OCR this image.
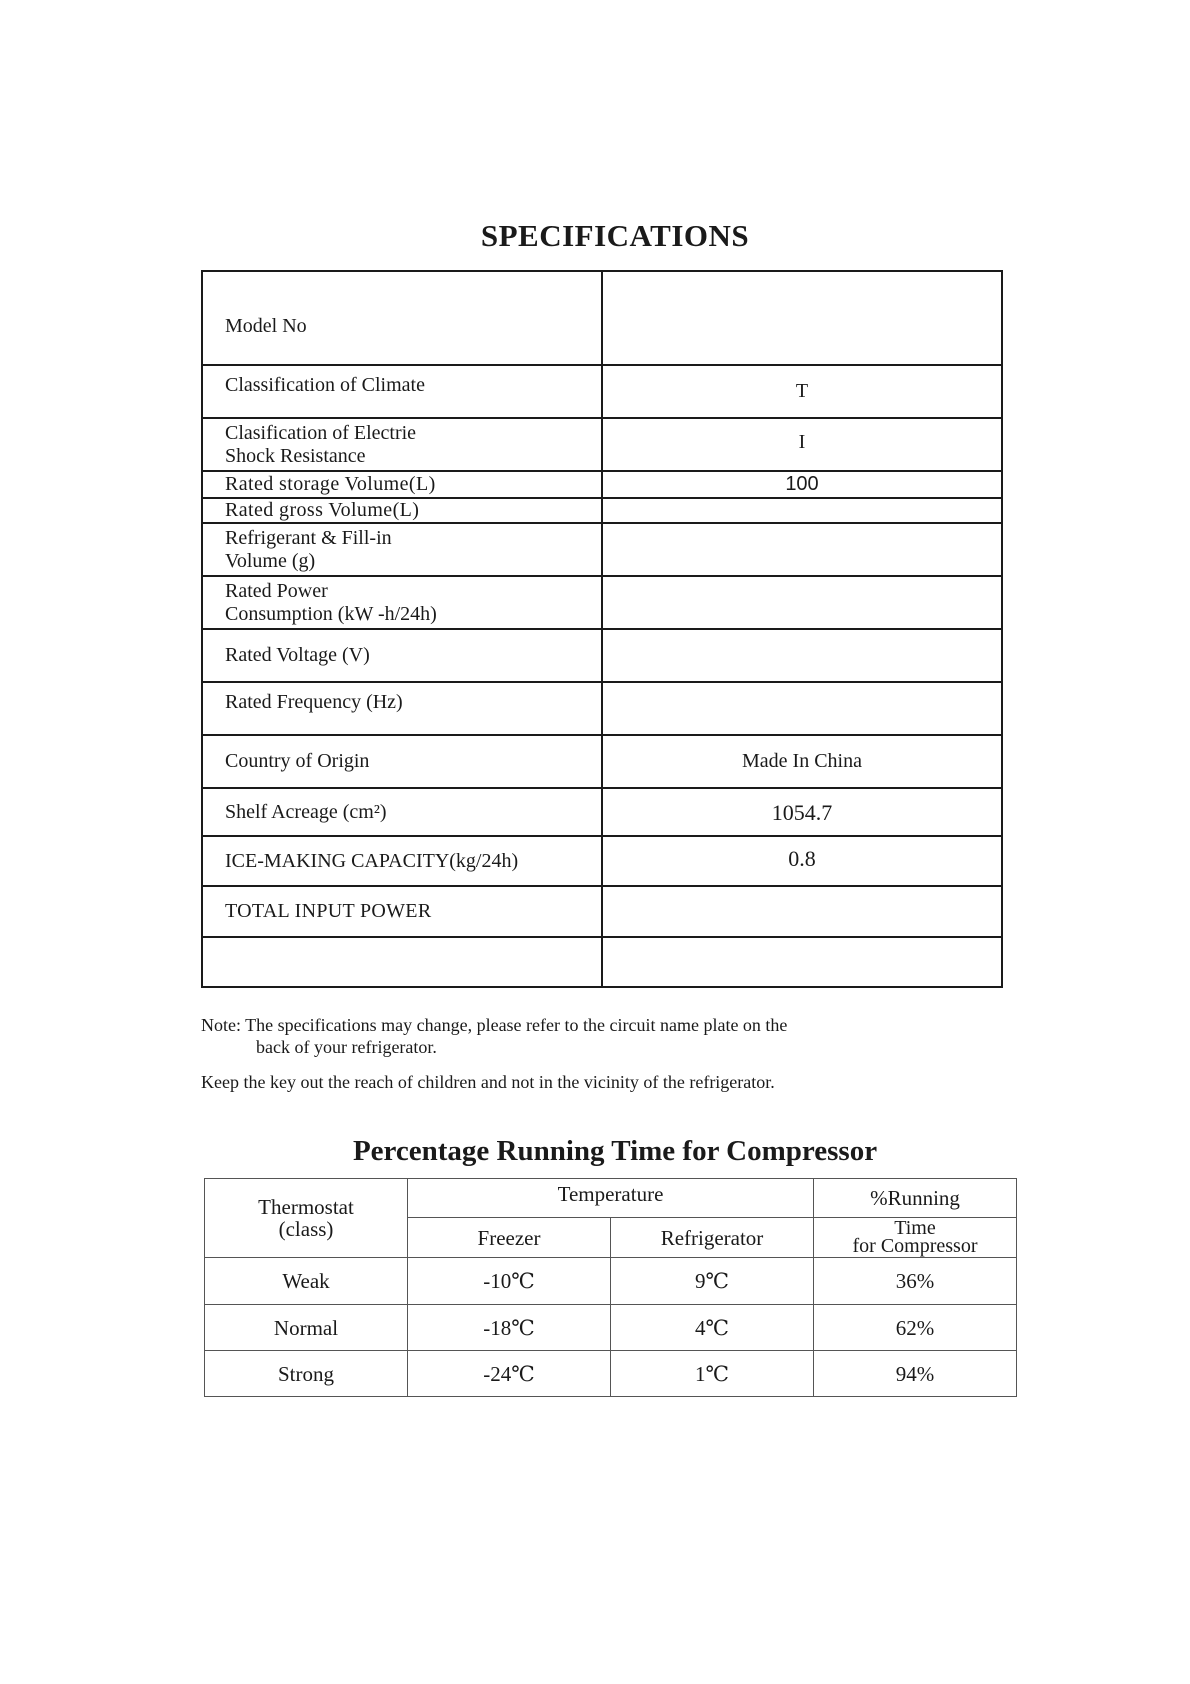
SPECIFICATIONS
Model No	
Classification of Climate	T
Clasification of Electrie
Shock Resistance	I
Rated storage Volume(L)	100
Rated gross Volume(L)	
Refrigerant & Fill-in
Volume (g)	
Rated Power
Consumption (kW -h/24h)	
Rated Voltage (V)	
Rated Frequency (Hz)	
Country of Origin	Made In China
Shelf Acreage (cm²)	1054.7
ICE-MAKING CAPACITY(kg/24h)	0.8
TOTAL INPUT POWER	

Note: The specifications may change, please refer to the circuit name plate on the
back of your refrigerator.

Keep the key out the reach of children and not in the vicinity of the refrigerator.

Percentage Running Time for Compressor
Thermostat
(class)	Temperature		%Running
	Freezer	Refrigerator	Time
for Compressor
Weak	-10℃	9℃	36%
Normal	-18℃	4℃	62%
Strong	-24℃	1℃	94%
